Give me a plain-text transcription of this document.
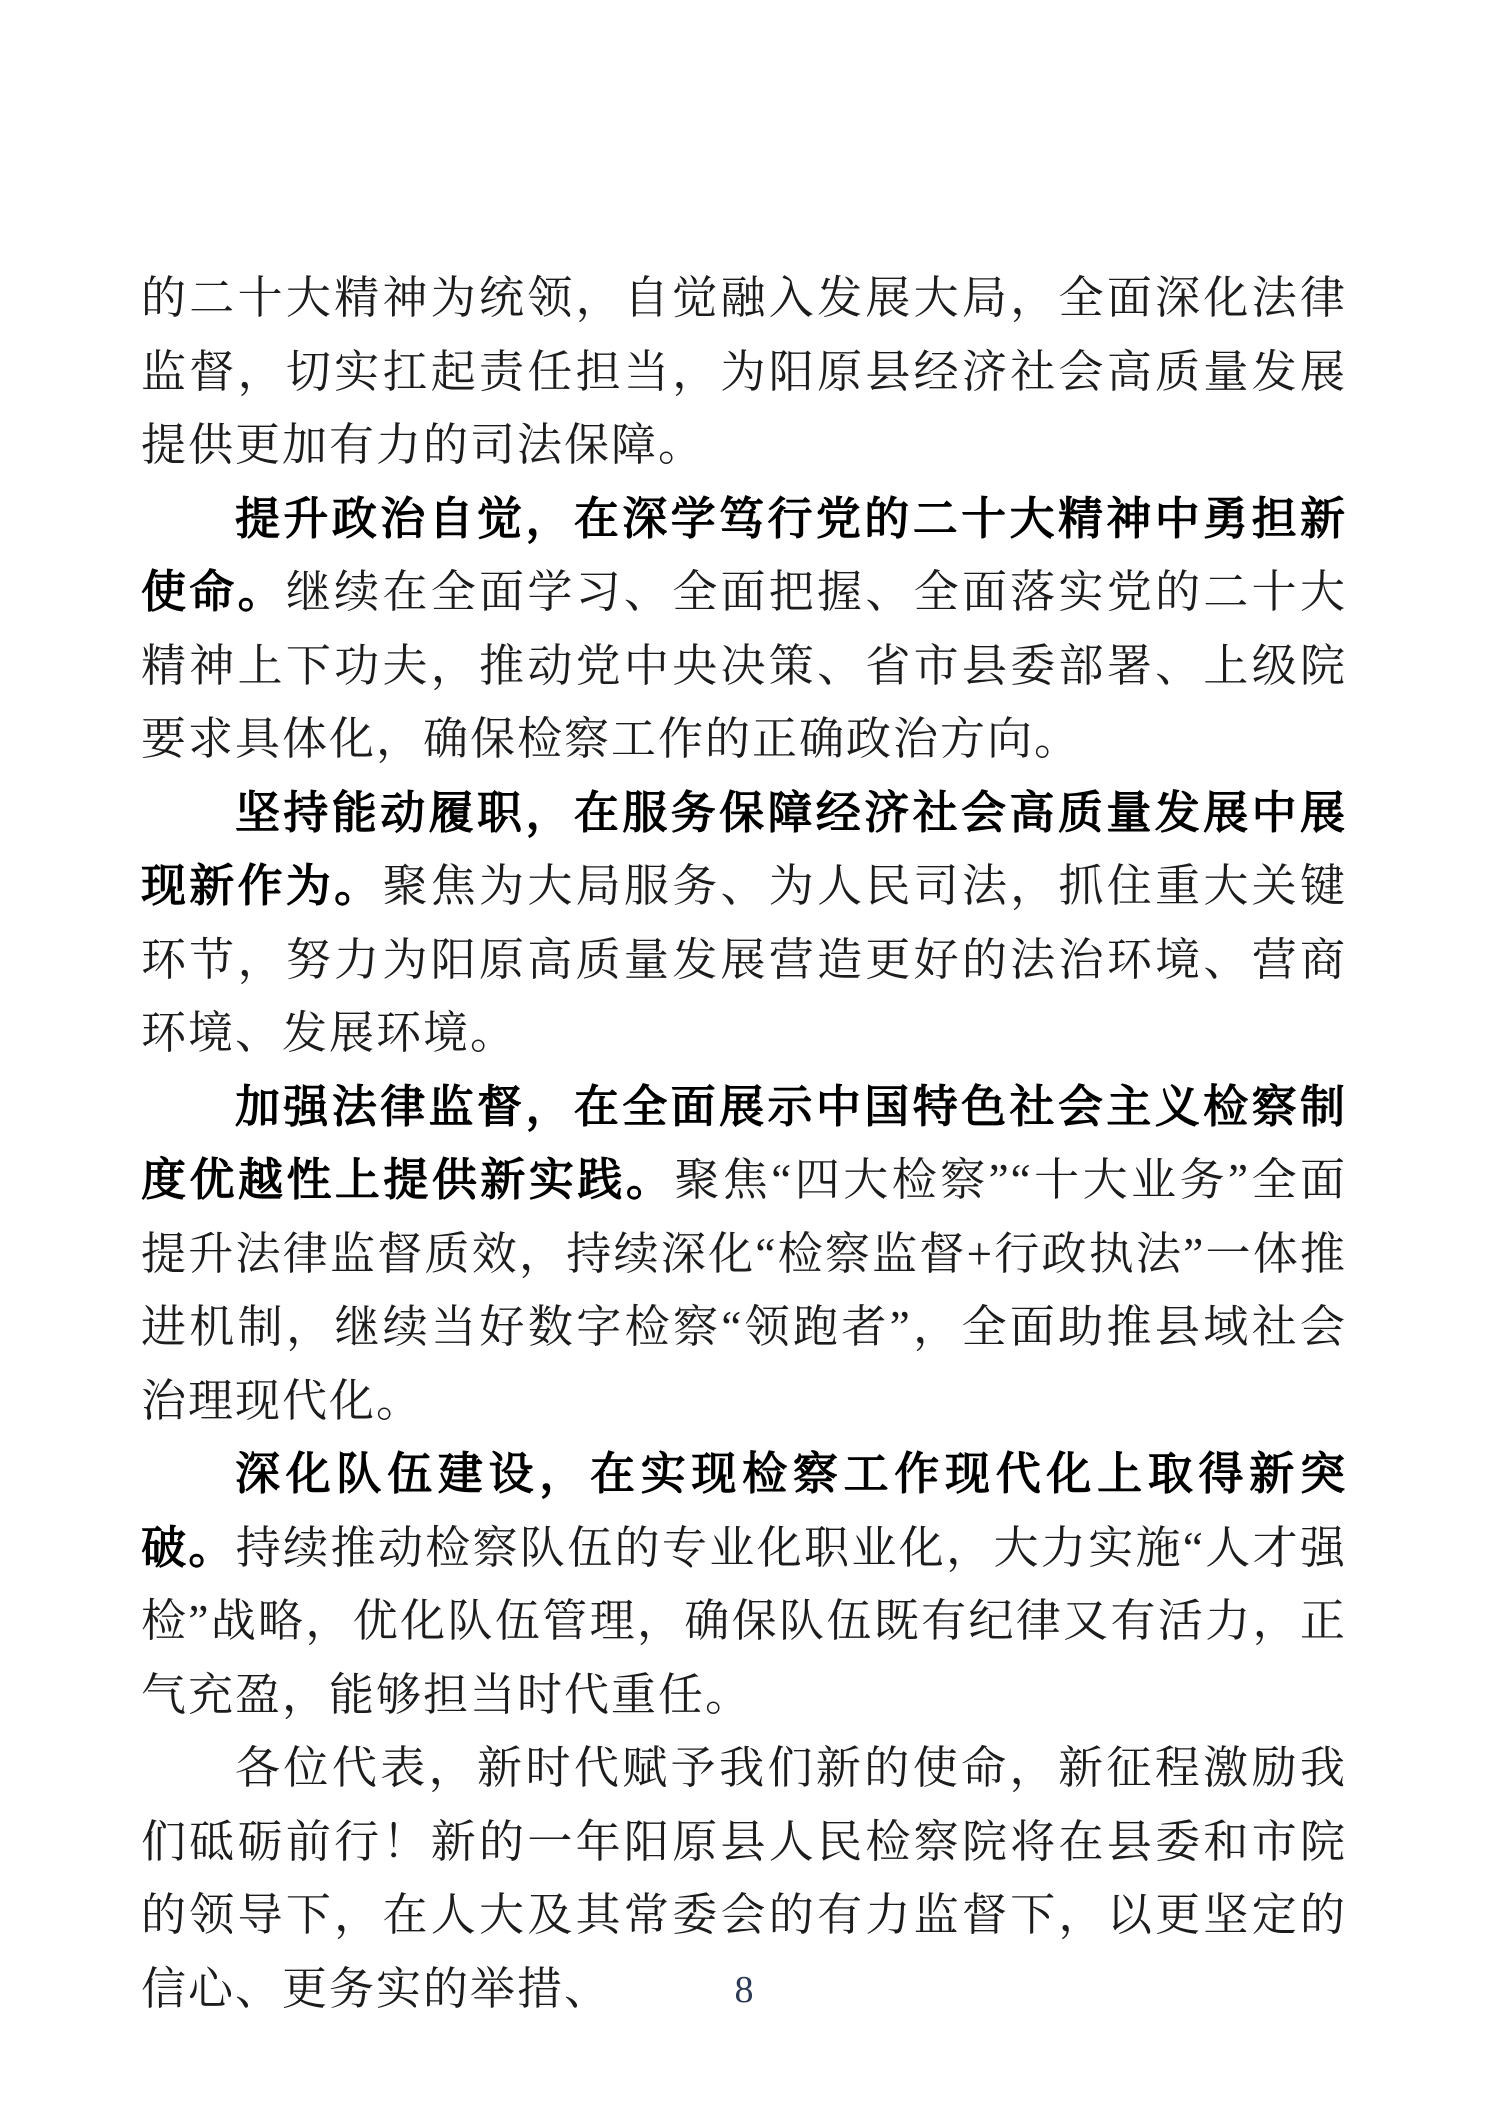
的二十大精神为统领，自觉融入发展大局，全面深化法律监督，切实扛起责任担当，为阳原县经济社会高质量发展提供更加有力的司法保障。

提升政治自觉，在深学笃行党的二十大精神中勇担新使命。继续在全面学习、全面把握、全面落实党的二十大精神上下功夫，推动党中央决策、省市县委部署、上级院要求具体化，确保检察工作的正确政治方向。

坚持能动履职，在服务保障经济社会高质量发展中展现新作为。聚焦为大局服务、为人民司法，抓住重大关键环节，努力为阳原高质量发展营造更好的法治环境、营商环境、发展环境。

加强法律监督，在全面展示中国特色社会主义检察制度优越性上提供新实践。聚焦“四大检察”“十大业务”全面提升法律监督质效，持续深化“检察监督+行政执法”一体推进机制，继续当好数字检察“领跑者”，全面助推县域社会治理现代化。

深化队伍建设，在实现检察工作现代化上取得新突破。持续推动检察队伍的专业化职业化，大力实施“人才强检”战略，优化队伍管理，确保队伍既有纪律又有活力，正气充盈，能够担当时代重任。

各位代表，新时代赋予我们新的使命，新征程激励我们砥砺前行！新的一年阳原县人民检察院将在县委和市院的领导下，在人大及其常委会的有力监督下，以更坚定的信心、更务实的举措、	8
